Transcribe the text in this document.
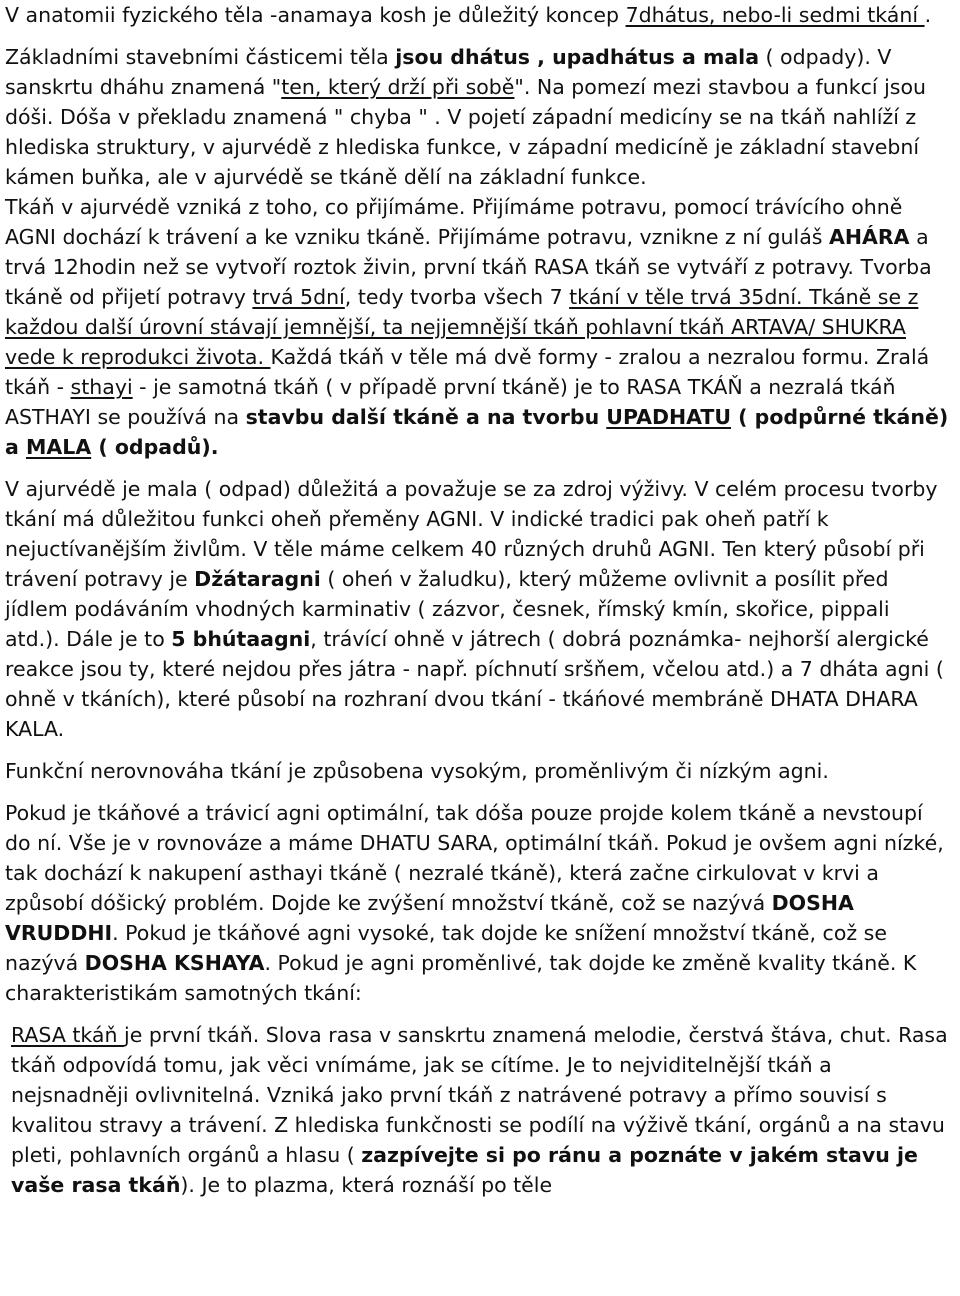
V anatomii fyzického těla -anamaya kosh je důležitý koncep 7dhátus, nebo-li sedmi tkání .

Základními stavebními částicemi těla jsou dhátus , upadhátus a mala ( odpady). V sanskrtu dháhu znamená "ten, který drží při sobě". Na pomezí mezi stavbou a funkcí jsou dóši. Dóša v překladu znamená " chyba " . V pojetí západní medicíny se na tkáň nahlíží z hlediska struktury, v ajurvédě z hlediska funkce, v západní medicíně je základní stavební kámen buňka, ale v ajurvédě se tkáně dělí na základní funkce.

Tkáň v ajurvédě vzniká z toho, co přijímáme. Přijímáme potravu, pomocí trávícího ohně AGNI dochází k trávení a ke vzniku tkáně. Přijímáme potravu, vznikne z ní guláš AHÁRA a trvá 12hodin než se vytvoří roztok živin, první tkáň RASA tkáň se vytváří z potravy. Tvorba tkáně od přijetí potravy trvá 5dní, tedy tvorba všech 7 tkání v těle trvá 35dní. Tkáně se z každou další úrovní stávají jemnější, ta nejjemnější tkáň pohlavní tkáň ARTAVA/ SHUKRA vede k reprodukci života. Každá tkáň v těle má dvě formy - zralou a nezralou formu. Zralá tkáň - sthayi - je samotná tkáň ( v případě první tkáně) je to RASA TKÁŇ a nezralá tkáň ASTHAYI se používá na stavbu další tkáně a na tvorbu UPADHATU ( podpůrné tkáně) a MALA ( odpadů).

V ajurvédě je mala ( odpad) důležitá a považuje se za zdroj výživy. V celém procesu tvorby tkání má důležitou funkci oheň přeměny AGNI. V indické tradici pak oheň patří k nejuctívanějším živlům. V těle máme celkem 40 různých druhů AGNI. Ten který působí při trávení potravy je Džátaragni ( oheń v žaludku), který můžeme ovlivnit a posílit před jídlem podáváním vhodných karminativ ( zázvor, česnek, římský kmín, skořice, pippali atd.). Dále je to 5 bhútaagni, trávící ohně v játrech ( dobrá poznámka- nejhorší alergické reakce jsou ty, které nejdou přes játra - např. píchnutí sršňem, včelou atd.) a 7 dháta agni ( ohně v tkáních), které působí na rozhraní dvou tkání - tkáńové membráně DHATA DHARA KALA.

Funkční nerovnováha tkání je způsobena vysokým, proměnlivým či nízkým agni.

Pokud je tkáňové a trávicí agni optimální, tak dóša pouze projde kolem tkáně a nevstoupí do ní. Vše je v rovnováze a máme DHATU SARA, optimální tkáň. Pokud je ovšem agni nízké, tak dochází k nakupení asthayi tkáně ( nezralé tkáně), která začne cirkulovat v krvi a způsobí dóšický problém. Dojde ke zvýšení množství tkáně, což se nazývá DOSHA VRUDDHI. Pokud je tkáňové agni vysoké, tak dojde ke snížení množství tkáně, což se nazývá DOSHA KSHAYA. Pokud je agni proměnlivé, tak dojde ke změně kvality tkáně. K charakteristikám samotných tkání:

RASA tkáň je první tkáň. Slova rasa v sanskrtu znamená melodie, čerstvá štáva, chut. Rasa tkáň odpovídá tomu, jak věci vnímáme, jak se cítíme. Je to nejviditelnější tkáň a nejsnadněji ovlivnitelná. Vzniká jako první tkáň z natrávené potravy a přímo souvisí s kvalitou stravy a trávení. Z hlediska funkčnosti se podílí na výživě tkání, orgánů a na stavu pleti, pohlavních orgánů a hlasu ( zazpívejte si po ránu a poznáte v jakém stavu je vaše rasa tkáň). Je to plazma, která roznáší po těle
